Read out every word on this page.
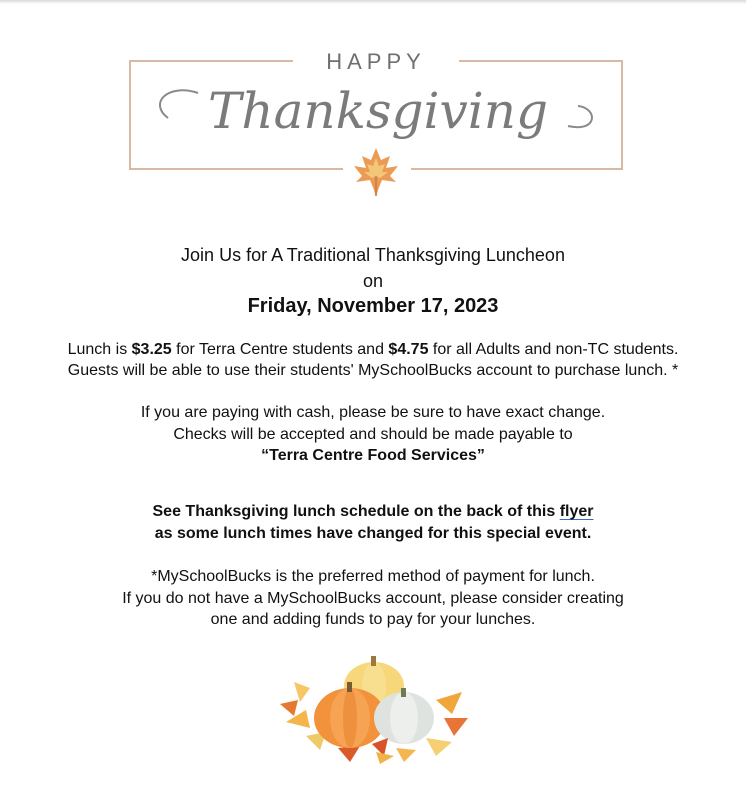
HAPPY
Thanksgiving
Join Us for A Traditional Thanksgiving Luncheon
on
Friday, November 17, 2023
Lunch is $3.25 for Terra Centre students and $4.75 for all Adults and non-TC students.
Guests will be able to use their students' MySchoolBucks account to purchase lunch. *
If you are paying with cash, please be sure to have exact change.
Checks will be accepted and should be made payable to
“Terra Centre Food Services”
See Thanksgiving lunch schedule on the back of this flyer
as some lunch times have changed for this special event.
*MySchoolBucks is the preferred method of payment for lunch.
If you do not have a MySchoolBucks account, please consider creating
one and adding funds to pay for your lunches.
